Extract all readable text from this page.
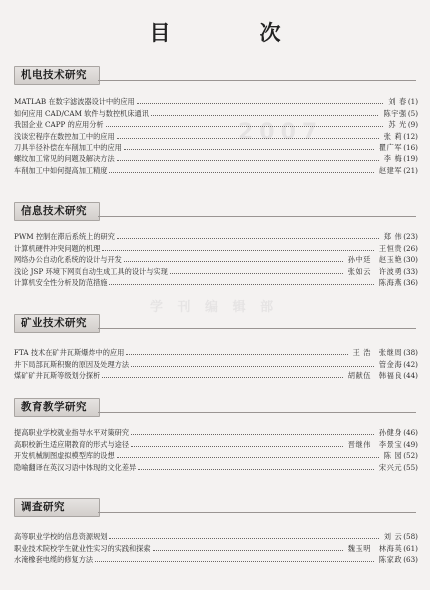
目　次
2007
学 刊 编 辑 部
机电技术研究
MATLAB 在数字滤波器设计中的应用	刘 春 (1)
如何应用 CAD/CAM 软件与数控机床通讯	陈宇强 (5)
我国企业 CAPP 的应用分析	苏 光 (9)
浅谈宏程序在数控加工中的应用	张 莉 (12)
刀具半径补偿在车削加工中的应用	瞿广军 (16)
螺纹加工常见的问题及解决方法	李 梅 (19)
车削加工中如何提高加工精度	赵建军 (21)
信息技术研究
PWM 控制在滞后系统上的研究	郑 伟 (23)
计算机硬件冲突问题的机理	王恒贵 (26)
网络办公自动化系统的设计与开发	孙中廷　赵玉艳 (30)
浅论 JSP 环境下网页自动生成工具的设计与实现	张如云　许波勇 (33)
计算机安全性分析及防范措施	陈海燕 (36)
矿业技术研究
FTA 技术在矿井瓦斯爆炸中的应用	王 浩　张继周 (38)
井下局部瓦斯积聚的原因及处理方法	管金海 (42)
煤矿矿井瓦斯等级划分探析	胡献伍　韩福良 (44)
教育教学研究
提高职业学校就业指导水平对策研究	孙健身 (46)
高职校新生适应期教育的形式与途径	晋继伟　李景宝 (49)
开发机械制图虚拟模型库的设想	陈 园 (52)
隐喻翻译在英汉习语中体现的文化差异	宋兴元 (55)
调查研究
高等职业学校的信息资源规划	刘 云 (58)
职业技术院校学生就业性实习的实践和探索	魏玉明　林海英 (61)
水淹橡套电缆的修复方法	陈家政 (63)
